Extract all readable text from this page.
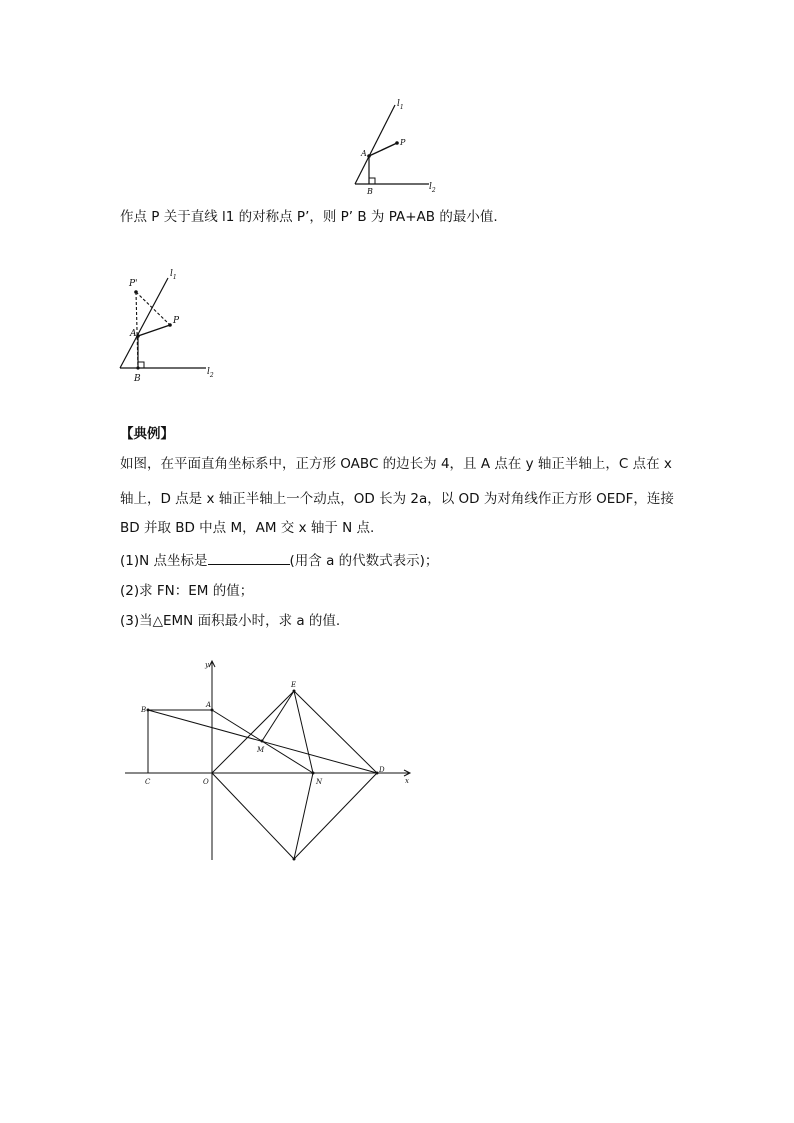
$l_1$
$l_2$
A
B
P
作点 P 关于直线 l1 的对称点 P’，则 P’ B 为 PA+AB 的最小值.
P'
$l_1$
$l_2$
A
B
P
【典例】
如图，在平面直角坐标系中，正方形 OABC 的边长为 4，且 A 点在 y 轴正半轴上，C 点在 x
轴上，D 点是 x 轴正半轴上一个动点，OD 长为 2a，以 OD 为对角线作正方形 OEDF，连接
BD 并取 BD 中点 M，AM 交 x 轴于 N 点.
(1)N 点坐标是	(用含 a 的代数式表示)；
(2)求 FN：EM 的值；
(3)当△EMN 面积最小时，求 a 的值.
y
x
E
A
B
M
D
C	O	N
